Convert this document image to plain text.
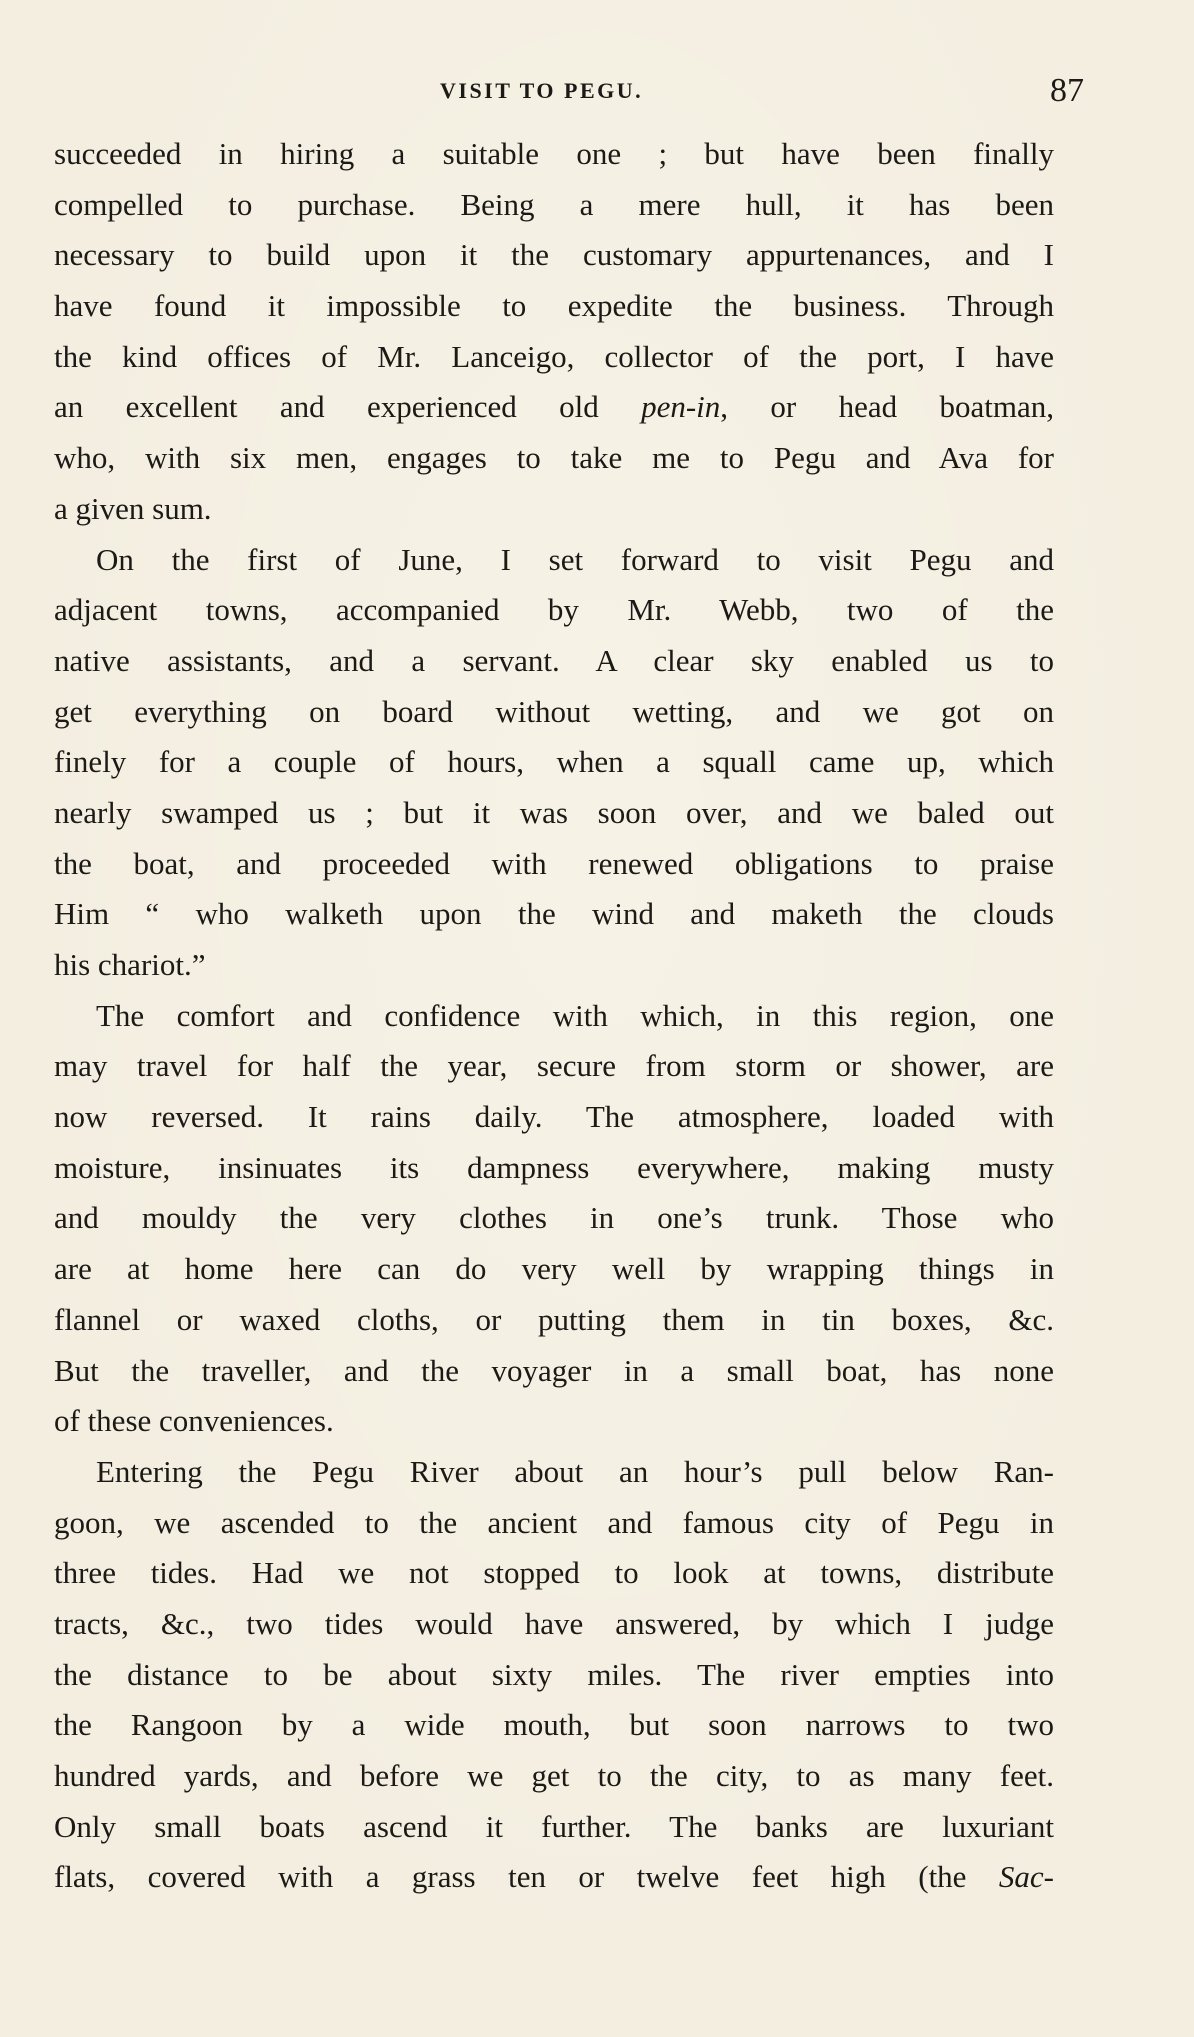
VISIT TO PEGU.	87
succeeded in hiring a suitable one ; but have been finally
compelled to purchase. Being a mere hull, it has been
necessary to build upon it the customary appurtenances, and I
have found it impossible to expedite the business. Through
the kind offices of Mr. Lanceigo, collector of the port, I have
an excellent and experienced old pen-in, or head boatman,
who, with six men, engages to take me to Pegu and Ava for
a given sum.
On the first of June, I set forward to visit Pegu and
adjacent towns, accompanied by Mr. Webb, two of the
native assistants, and a servant. A clear sky enabled us to
get everything on board without wetting, and we got on
finely for a couple of hours, when a squall came up, which
nearly swamped us ; but it was soon over, and we baled out
the boat, and proceeded with renewed obligations to praise
Him “ who walketh upon the wind and maketh the clouds
his chariot.”
The comfort and confidence with which, in this region, one
may travel for half the year, secure from storm or shower, are
now reversed. It rains daily. The atmosphere, loaded with
moisture, insinuates its dampness everywhere, making musty
and mouldy the very clothes in one’s trunk. Those who
are at home here can do very well by wrapping things in
flannel or waxed cloths, or putting them in tin boxes, &c.
But the traveller, and the voyager in a small boat, has none
of these conveniences.
Entering the Pegu River about an hour’s pull below Ran-
goon, we ascended to the ancient and famous city of Pegu in
three tides. Had we not stopped to look at towns, distribute
tracts, &c., two tides would have answered, by which I judge
the distance to be about sixty miles. The river empties into
the Rangoon by a wide mouth, but soon narrows to two
hundred yards, and before we get to the city, to as many feet.
Only small boats ascend it further. The banks are luxuriant
flats, covered with a grass ten or twelve feet high (the Sac-
